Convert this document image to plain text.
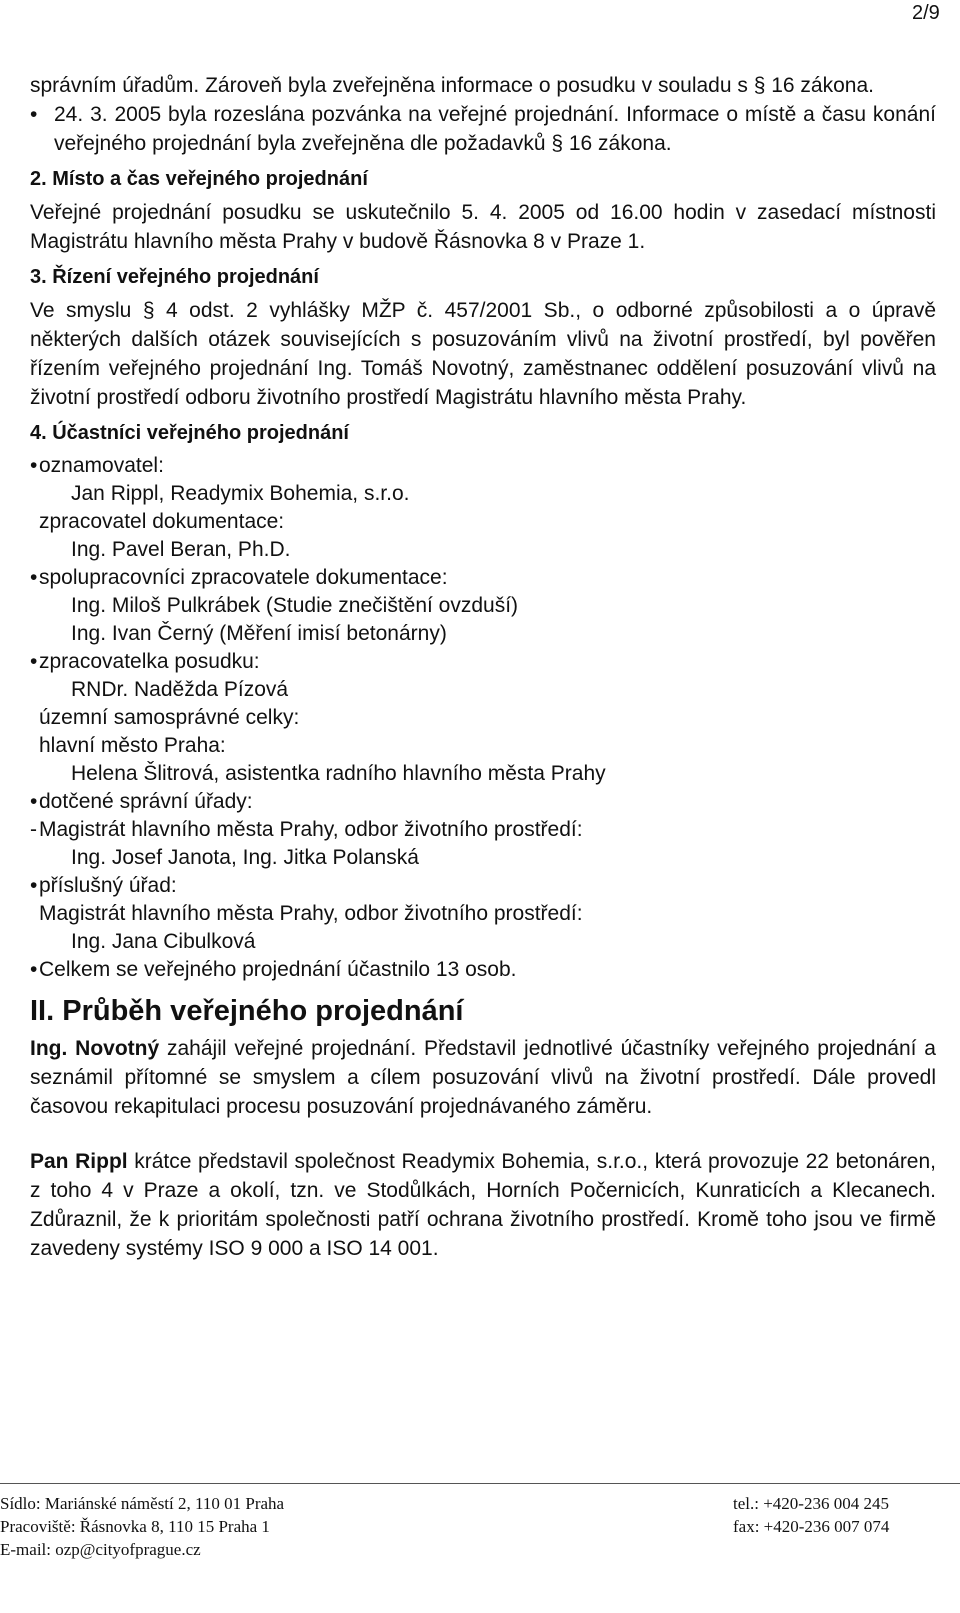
2/9

správním úřadům. Zároveň byla zveřejněna informace o posudku v souladu s § 16 zákona.

• 24. 3. 2005 byla rozeslána pozvánka na veřejné projednání. Informace o místě a času konání veřejného projednání byla zveřejněna dle požadavků § 16 zákona.

2. Místo a čas veřejného projednání

Veřejné projednání posudku se uskutečnilo 5. 4. 2005 od 16.00 hodin v zasedací místnosti Magistrátu hlavního města Prahy v budově Řásnovka 8 v Praze 1.

3. Řízení veřejného projednání

Ve smyslu § 4 odst. 2 vyhlášky MŽP č. 457/2001 Sb., o odborné způsobilosti a o úpravě některých dalších otázek souvisejících s posuzováním vlivů na životní prostředí, byl pověřen řízením veřejného projednání Ing. Tomáš Novotný, zaměstnanec oddělení posuzování vlivů na životní prostředí odboru životního prostředí Magistrátu hlavního města Prahy.

4. Účastníci veřejného projednání
• oznamovatel:
Jan Rippl, Readymix Bohemia, s.r.o.
zpracovatel dokumentace:
Ing. Pavel Beran, Ph.D.
• spolupracovníci zpracovatele dokumentace:
Ing. Miloš Pulkrábek (Studie znečištění ovzduší)
Ing. Ivan Černý (Měření imisí betonárny)
• zpracovatelka posudku:
RNDr. Naděžda Pízová
územní samosprávné celky:
hlavní město Praha:
Helena Šlitrová, asistentka radního hlavního města Prahy
• dotčené správní úřady:
- Magistrát hlavního města Prahy, odbor životního prostředí:
Ing. Josef Janota, Ing. Jitka Polanská
• příslušný úřad:
Magistrát hlavního města Prahy, odbor životního prostředí:
Ing. Jana Cibulková
• Celkem se veřejného projednání účastnilo 13 osob.
II. Průběh veřejného projednání

Ing. Novotný zahájil veřejné projednání. Představil jednotlivé účastníky veřejného projednání a seznámil přítomné se smyslem a cílem posuzování vlivů na životní prostředí. Dále provedl časovou rekapitulaci procesu posuzování projednávaného záměru.

Pan Rippl krátce představil společnost Readymix Bohemia, s.r.o., která provozuje 22 betonáren, z toho 4 v Praze a okolí, tzn. ve Stodůlkách, Horních Počernicích, Kunraticích a Klecanech. Zdůraznil, že k prioritám společnosti patří ochrana životního prostředí. Kromě toho jsou ve firmě zavedeny systémy ISO 9 000 a ISO 14 001.

Sídlo: Mariánské náměstí 2, 110 01 Praha
Pracoviště: Řásnovka 8, 110 15 Praha 1
E-mail: ozp@cityofprague.cz
tel.: +420-236 004 245
fax: +420-236 007 074
